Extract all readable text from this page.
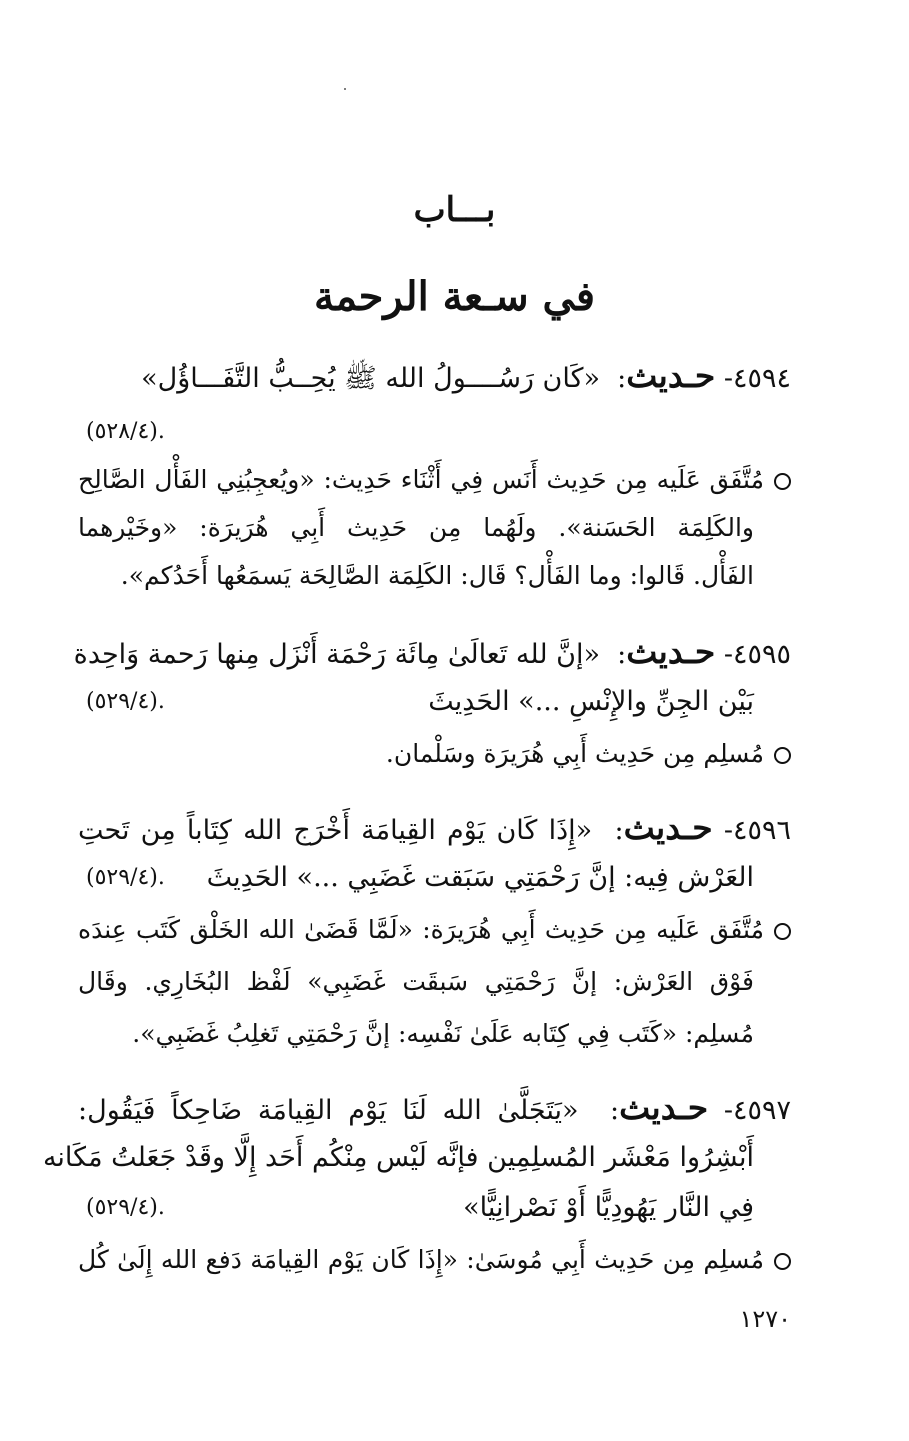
بـــاب
في سـعة الرحمة
٤٥٩٤- حـديث:  «كَان رَسُــــولُ الله ﷺ يُحِــبُّ التَّفَـــاؤُل»
.(٥٢٨/٤)
مُتَّفَق عَلَيه مِن حَدِيث أَنَس فِي أَثْنَاء حَدِيث: «ويُعجِبُنِي الفَأْل الصَّالِح
والكَلِمَة الحَسَنة». ولَهُما مِن حَدِيث أَبِي هُرَيرَة: «وخَيْرهما
الفَأْل. قَالوا: وما الفَأْل؟ قَال: الكَلِمَة الصَّالِحَة يَسمَعُها أَحَدُكم».
٤٥٩٥- حـديث:  «إنَّ لله تَعالَىٰ مِائَة رَحْمَة أَنْزَل مِنها رَحمة وَاحِدة
بَيْن الجِنِّ والإِنْسِ ...» الحَدِيثَ
.(٥٢٩/٤)
مُسلِم مِن حَدِيث أَبِي هُرَيرَة وسَلْمان.
٤٥٩٦- حـديث:  «إِذَا كَان يَوْم القِيامَة أَخْرَج الله كِتَاباً مِن تَحتِ
العَرْش فِيه: إنَّ رَحْمَتِي سَبَقت غَضَبِي ...» الحَدِيثَ
.(٥٢٩/٤)
مُتَّفَق عَلَيه مِن حَدِيث أَبِي هُرَيرَة: «لَمَّا قَضَىٰ الله الخَلْق كَتَب عِندَه
فَوْق العَرْش: إنَّ رَحْمَتِي سَبقَت غَضَبِي» لَفْظ البُخَارِي. وقَال
مُسلِم: «كَتَب فِي كِتَابه عَلَىٰ نَفْسِه: إنَّ رَحْمَتِي تَغلِبُ غَضَبِي».
٤٥٩٧- حـديث:  «يَتَجَلَّىٰ الله لَنَا يَوْم القِيامَة ضَاحِكاً فَيَقُول:
أَبْشِرُوا مَعْشَر المُسلِمِين فإنَّه لَيْس مِنْكُم أَحَد إِلَّا وقَدْ جَعَلتُ مَكَانه
فِي النَّار يَهُودِيًّا أَوْ نَصْرانِيًّا»
.(٥٢٩/٤)
مُسلِم مِن حَدِيث أَبِي مُوسَىٰ: «إِذَا كَان يَوْم القِيامَة دَفع الله إِلَىٰ كُل
١٢٧٠
